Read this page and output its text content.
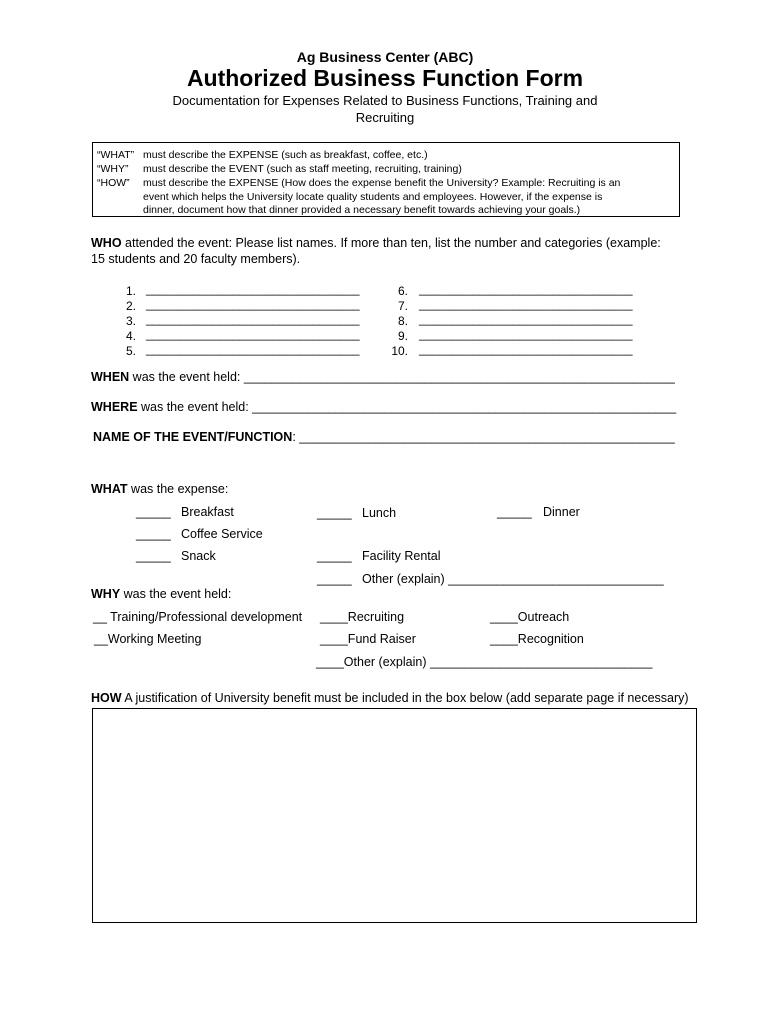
Ag Business Center (ABC)
Authorized Business Function Form
Documentation for Expenses Related to Business Functions, Training and
Recruiting
“WHAT” must describe the EXPENSE (such as breakfast, coffee, etc.)
“WHY” must describe the EVENT (such as staff meeting, recruiting, training)
“HOW” must describe the EXPENSE (How does the expense benefit the University? Example: Recruiting is an
event which helps the University locate quality students and employees. However, if the expense is
dinner, document how that dinner provided a necessary benefit towards achieving your goals.)
WHO attended the event: Please list names. If more than ten, list the number and categories (example:
15 students and 20 faculty members).
1. ________________________________	6. ________________________________
2. ________________________________	7. ________________________________
3. ________________________________	8. ________________________________
4. ________________________________	9. ________________________________
5. ________________________________	10. ________________________________
WHEN was the event held: ______________________________________________________________
WHERE was the event held: _____________________________________________________________
NAME OF THE EVENT/FUNCTION: ______________________________________________________
WHAT was the expense:
_____ Breakfast	_____ Lunch	_____ Dinner
_____ Coffee Service
_____ Snack	_____ Facility Rental
_____ Other (explain) _______________________________
WHY was the event held:
__ Training/Professional development ____Recruiting	____Outreach
__Working Meeting	____Fund Raiser	____Recognition
____Other (explain) ________________________________
HOW A justification of University benefit must be included in the box below (add separate page if necessary)
